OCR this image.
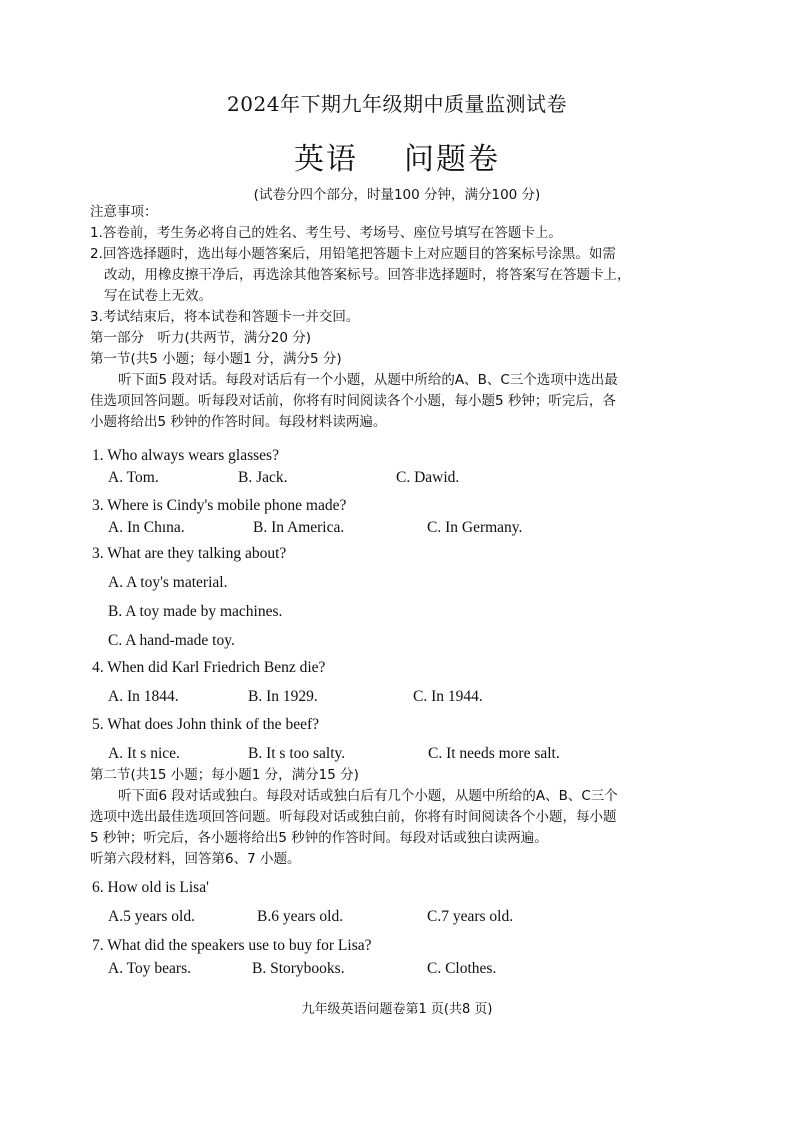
2024年下期九年级期中质量监测试卷
英语 问题卷
(试卷分四个部分，时量100 分钟，满分100 分)
注意事项：
1.答卷前，考生务必将自己的姓名、考生号、考场号、座位号填写在答题卡上。
2.回答选择题时，选出每小题答案后，用铅笔把答题卡上对应题目的答案标号涂黑。如需
改动，用橡皮擦干净后，再选涂其他答案标号。回答非选择题时，将答案写在答题卡上，
写在试卷上无效。
3.考试结束后，将本试卷和答题卡一并交回。
第一部分　听力(共两节，满分20 分)
第一节(共5 小题；每小题1 分，满分5 分)
听下面5 段对话。每段对话后有一个小题，从题中所给的A、B、C三个选项中选出最
佳选项回答问题。听每段对话前，你将有时间阅读各个小题，每小题5 秒钟；听完后，各
小题将给出5 秒钟的作答时间。每段材料读两遍。
1. Who always wears glasses?
A. Tom.	B. Jack.	C. Dawid.
3. Where is Cindy's mobile phone made?
A. In Chına.	B. In America.	C. In Germany.
3. What are they talking about?
A. A toy's material.
B. A toy made by machines.
C. A hand-made toy.
4. When did Karl Friedrich Benz die?
A. In 1844.	B. In 1929.	C. In 1944.
5. What does John think of the beef?
A. It s nice.	B. It s too salty.	C. It needs more salt.
第二节(共15 小题；每小题1 分，满分15 分)
听下面6 段对话或独白。每段对话或独白后有几个小题，从题中所给的A、B、C三个
选项中选出最佳选项回答问题。听每段对话或独白前，你将有时间阅读各个小题，每小题
5 秒钟；听完后，各小题将给出5 秒钟的作答时间。每段对话或独白读两遍。
听第六段材料，回答第6、7 小题。
6. How old is Lisa'
A.5 years old.	B.6 years old.	C.7 years old.
7. What did the speakers use to buy for Lisa?
A. Toy bears.	B. Storybooks.	C. Clothes.
九年级英语问题卷第1 页(共8 页)
